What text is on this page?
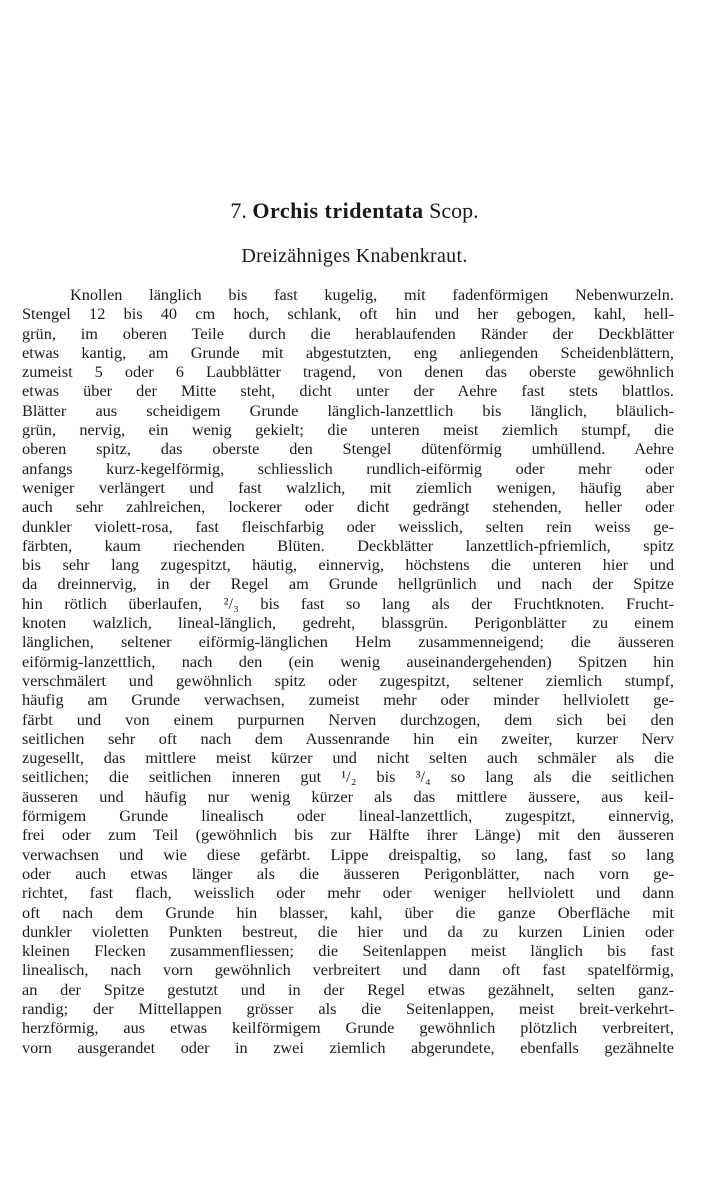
7. Orchis tridentata Scop.
Dreizähniges Knabenkraut.
Knollen länglich bis fast kugelig, mit fadenförmigen Nebenwurzeln.
Stengel 12 bis 40 cm hoch, schlank, oft hin und her gebogen, kahl, hell-
grün, im oberen Teile durch die herablaufenden Ränder der Deckblätter
etwas kantig, am Grunde mit abgestutzten, eng anliegenden Scheidenblättern,
zumeist 5 oder 6 Laubblätter tragend, von denen das oberste gewöhnlich
etwas über der Mitte steht, dicht unter der Aehre fast stets blattlos.
Blätter aus scheidigem Grunde länglich-lanzettlich bis länglich, bläulich-
grün, nervig, ein wenig gekielt; die unteren meist ziemlich stumpf, die
oberen spitz, das oberste den Stengel dütenförmig umhüllend. Aehre
anfangs kurz-kegelförmig, schliesslich rundlich-eiförmig oder mehr oder
weniger verlängert und fast walzlich, mit ziemlich wenigen, häufig aber
auch sehr zahlreichen, lockerer oder dicht gedrängt stehenden, heller oder
dunkler violett-rosa, fast fleischfarbig oder weisslich, selten rein weiss ge-
färbten, kaum riechenden Blüten. Deckblätter lanzettlich-pfriemlich, spitz
bis sehr lang zugespitzt, häutig, einnervig, höchstens die unteren hier und
da dreinnervig, in der Regel am Grunde hellgrünlich und nach der Spitze
hin rötlich überlaufen, ²/₃ bis fast so lang als der Fruchtknoten. Frucht-
knoten walzlich, lineal-länglich, gedreht, blassgrün. Perigonblätter zu einem
länglichen, seltener eiförmig-länglichen Helm zusammenneigend; die äusseren
eiförmig-lanzettlich, nach den (ein wenig auseinandergehenden) Spitzen hin
verschmälert und gewöhnlich spitz oder zugespitzt, seltener ziemlich stumpf,
häufig am Grunde verwachsen, zumeist mehr oder minder hellviolett ge-
färbt und von einem purpurnen Nerven durchzogen, dem sich bei den
seitlichen sehr oft nach dem Aussenrande hin ein zweiter, kurzer Nerv
zugesellt, das mittlere meist kürzer und nicht selten auch schmäler als die
seitlichen; die seitlichen inneren gut ¹/₂ bis ³/₄ so lang als die seitlichen
äusseren und häufig nur wenig kürzer als das mittlere äussere, aus keil-
förmigem Grunde linealisch oder lineal-lanzettlich, zugespitzt, einnervig,
frei oder zum Teil (gewöhnlich bis zur Hälfte ihrer Länge) mit den äusseren
verwachsen und wie diese gefärbt. Lippe dreispaltig, so lang, fast so lang
oder auch etwas länger als die äusseren Perigonblätter, nach vorn ge-
richtet, fast flach, weisslich oder mehr oder weniger hellviolett und dann
oft nach dem Grunde hin blasser, kahl, über die ganze Oberfläche mit
dunkler violetten Punkten bestreut, die hier und da zu kurzen Linien oder
kleinen Flecken zusammenfliessen; die Seitenlappen meist länglich bis fast
linealisch, nach vorn gewöhnlich verbreitert und dann oft fast spatelförmig,
an der Spitze gestutzt und in der Regel etwas gezähnelt, selten ganz-
randig; der Mittellappen grösser als die Seitenlappen, meist breit-verkehrt-
herzförmig, aus etwas keilförmigem Grunde gewöhnlich plötzlich verbreitert,
vorn ausgerandet oder in zwei ziemlich abgerundete, ebenfalls gezähnelte
